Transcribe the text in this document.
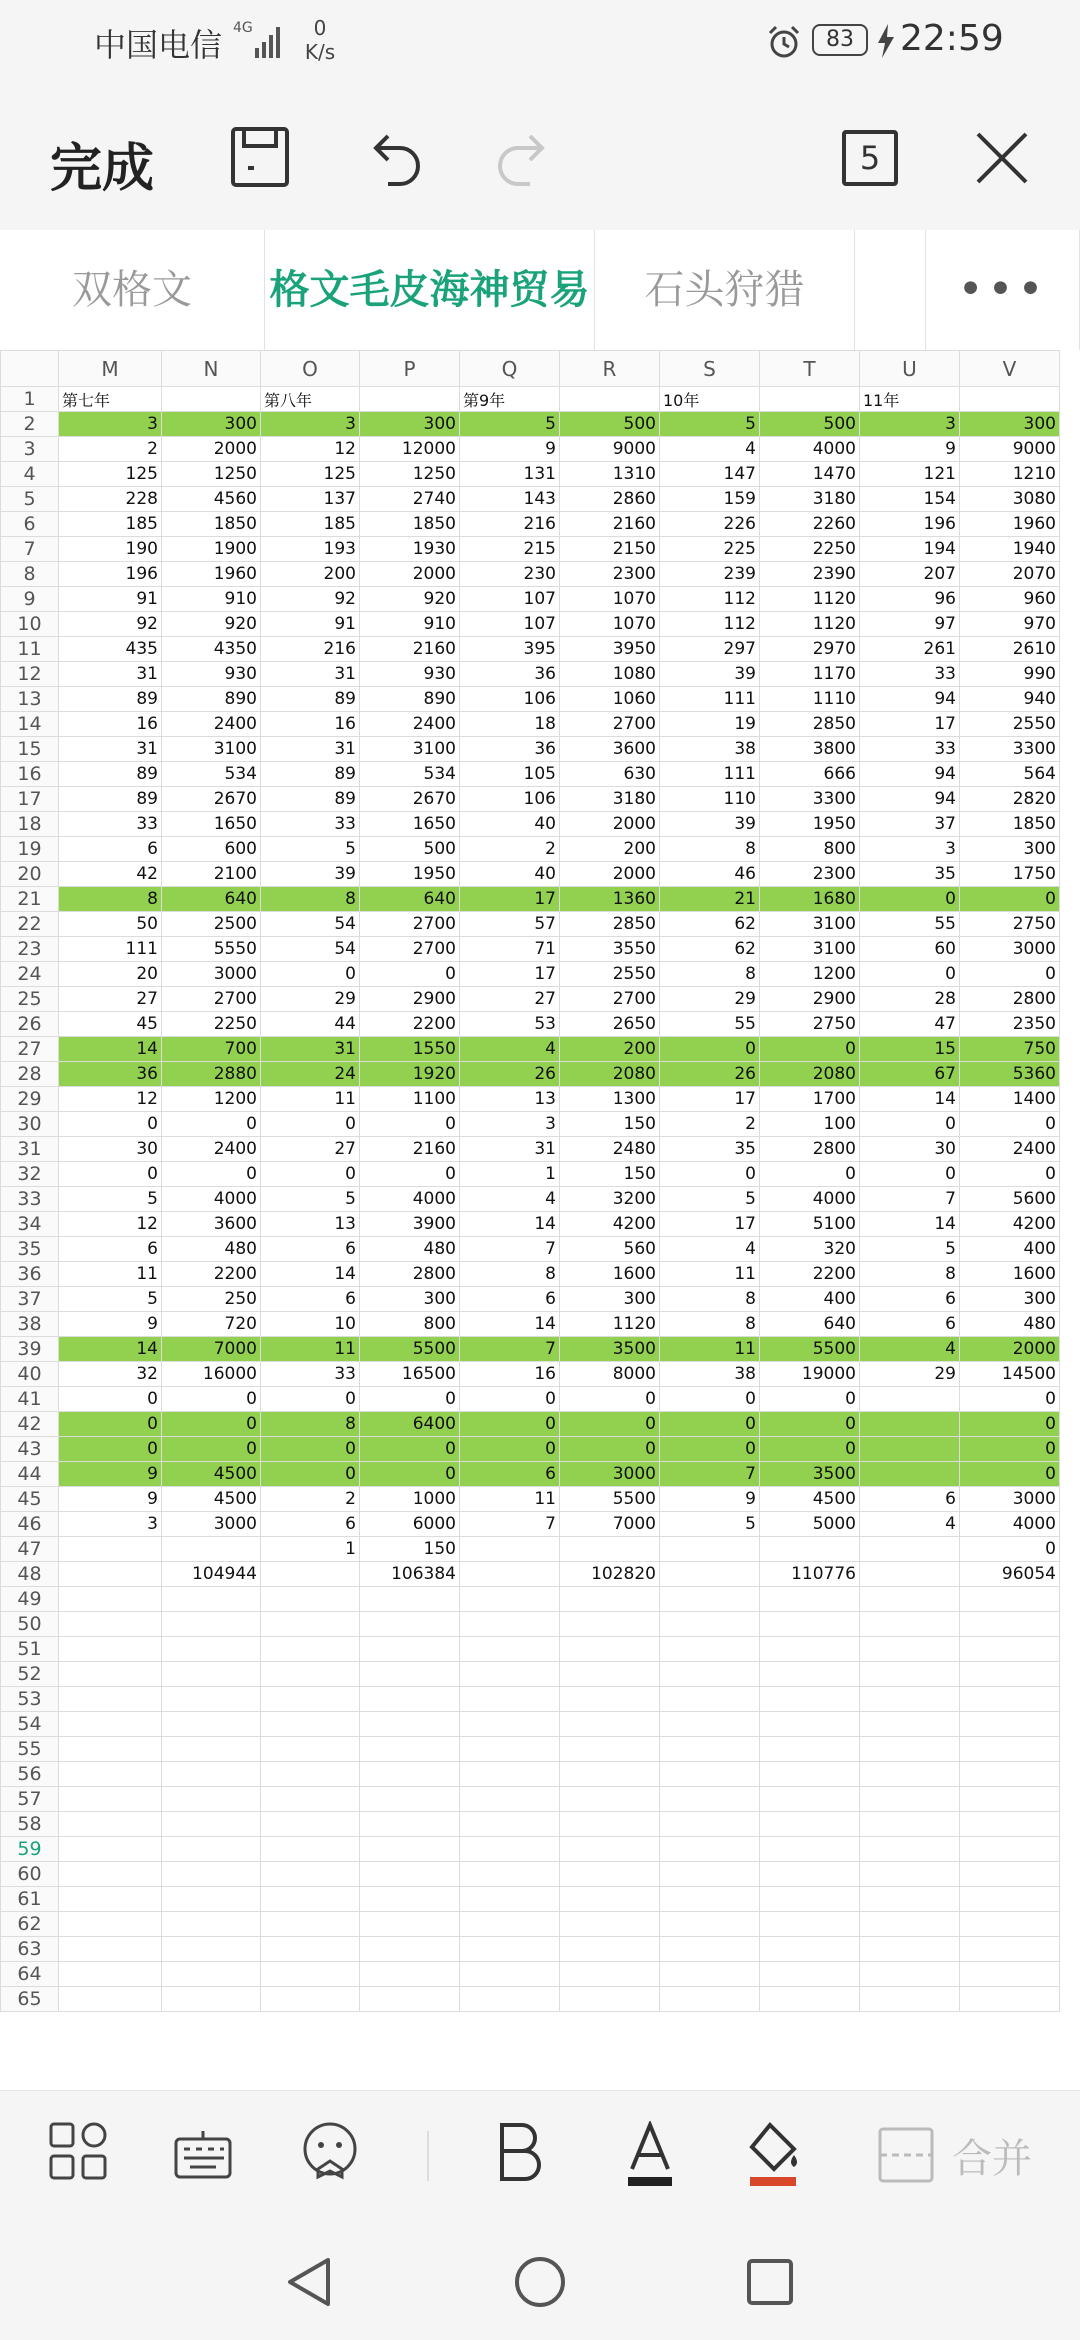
中国电信 4G	0
K/s	83	22:59
完成	5
双格文	格文毛皮海神贸易	石头狩猎	•••
	M	N	O	P	Q	R	S	T	U	V
1	第七年		第八年		第9年		10年		11年	
2	3	300	3	300	5	500	5	500	3	300
3	2	2000	12	12000	9	9000	4	4000	9	9000
4	125	1250	125	1250	131	1310	147	1470	121	1210
5	228	4560	137	2740	143	2860	159	3180	154	3080
6	185	1850	185	1850	216	2160	226	2260	196	1960
7	190	1900	193	1930	215	2150	225	2250	194	1940
8	196	1960	200	2000	230	2300	239	2390	207	2070
9	91	910	92	920	107	1070	112	1120	96	960
10	92	920	91	910	107	1070	112	1120	97	970
11	435	4350	216	2160	395	3950	297	2970	261	2610
12	31	930	31	930	36	1080	39	1170	33	990
13	89	890	89	890	106	1060	111	1110	94	940
14	16	2400	16	2400	18	2700	19	2850	17	2550
15	31	3100	31	3100	36	3600	38	3800	33	3300
16	89	534	89	534	105	630	111	666	94	564
17	89	2670	89	2670	106	3180	110	3300	94	2820
18	33	1650	33	1650	40	2000	39	1950	37	1850
19	6	600	5	500	2	200	8	800	3	300
20	42	2100	39	1950	40	2000	46	2300	35	1750
21	8	640	8	640	17	1360	21	1680	0	0
22	50	2500	54	2700	57	2850	62	3100	55	2750
23	111	5550	54	2700	71	3550	62	3100	60	3000
24	20	3000	0	0	17	2550	8	1200	0	0
25	27	2700	29	2900	27	2700	29	2900	28	2800
26	45	2250	44	2200	53	2650	55	2750	47	2350
27	14	700	31	1550	4	200	0	0	15	750
28	36	2880	24	1920	26	2080	26	2080	67	5360
29	12	1200	11	1100	13	1300	17	1700	14	1400
30	0	0	0	0	3	150	2	100	0	0
31	30	2400	27	2160	31	2480	35	2800	30	2400
32	0	0	0	0	1	150	0	0	0	0
33	5	4000	5	4000	4	3200	5	4000	7	5600
34	12	3600	13	3900	14	4200	17	5100	14	4200
35	6	480	6	480	7	560	4	320	5	400
36	11	2200	14	2800	8	1600	11	2200	8	1600
37	5	250	6	300	6	300	8	400	6	300
38	9	720	10	800	14	1120	8	640	6	480
39	14	7000	11	5500	7	3500	11	5500	4	2000
40	32	16000	33	16500	16	8000	38	19000	29	14500
41	0	0	0	0	0	0	0	0		0
42	0	0	8	6400	0	0	0	0		0
43	0	0	0	0	0	0	0	0		0
44	9	4500	0	0	6	3000	7	3500		0
45	9	4500	2	1000	11	5500	9	4500	6	3000
46	3	3000	6	6000	7	7000	5	5000	4	4000
47			1	150						0
48		104944		106384		102820		110776		96054
49										
50										
51										
52										
53										
54										
55										
56										
57										
58										
59										
60										
61										
62										
63										
64										
65										
合并
